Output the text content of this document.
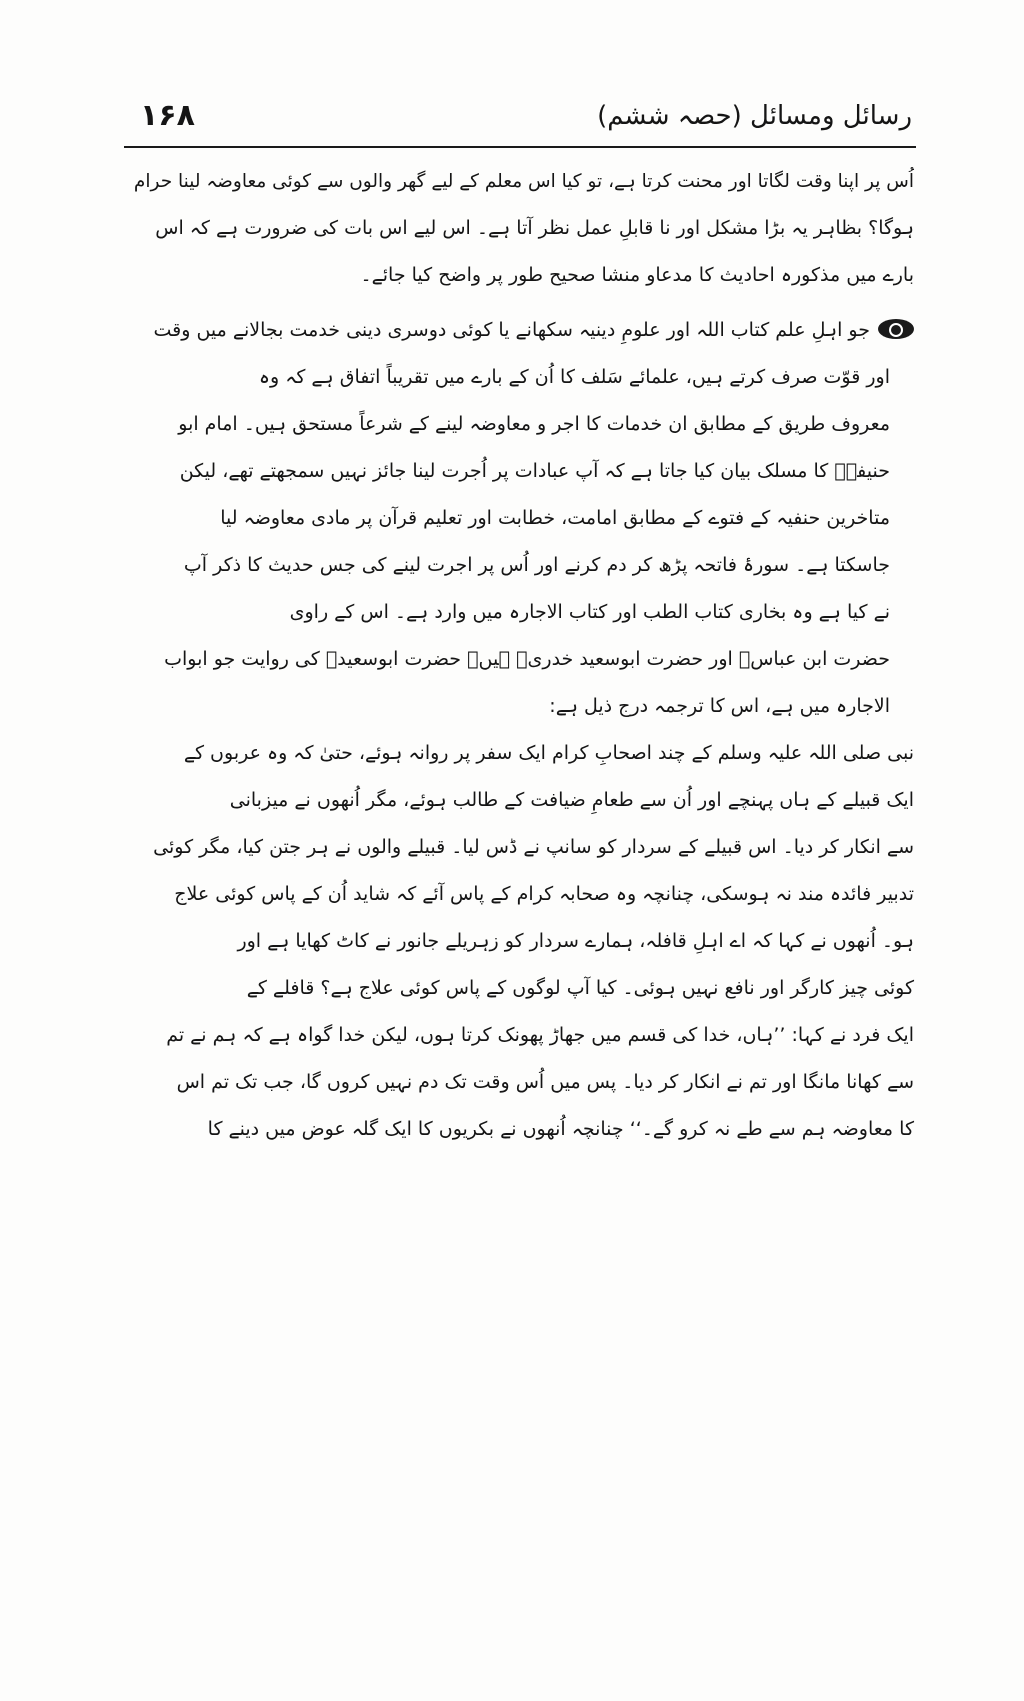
رسائل ومسائل (حصہ ششم)
۱۶۸
اُس پر اپنا وقت لگاتا اور محنت کرتا ہے، تو کیا اس معلم کے لیے گھر والوں سے کوئی معاوضہ لینا حرام
ہوگا؟ بظاہر یہ بڑا مشکل اور نا قابلِ عمل نظر آتا ہے۔ اس لیے اس بات کی ضرورت ہے کہ اس
بارے میں مذکورہ احادیث کا مدعاو منشا صحیح طور پر واضح کیا جائے۔
جو اہلِ علم کتاب اللہ اور علومِ دینیہ سکھانے یا کوئی دوسری دینی خدمت بجالانے میں وقت
اور قوّت صرف کرتے ہیں، علمائے سَلف کا اُن کے بارے میں تقریباً اتفاق ہے کہ وہ
معروف طریق کے مطابق ان خدمات کا اجر و معاوضہ لینے کے شرعاً مستحق ہیں۔ امام ابو
حنیفہؒ کا مسلک بیان کیا جاتا ہے کہ آپ عبادات پر اُجرت لینا جائز نہیں سمجھتے تھے، لیکن
متاخرین حنفیہ کے فتوے کے مطابق امامت، خطابت اور تعلیم قرآن پر مادی معاوضہ لیا
جاسکتا ہے۔ سورۂ فاتحہ پڑھ کر دم کرنے اور اُس پر اجرت لینے کی جس حدیث کا ذکر آپ
نے کیا ہے وہ بخاری کتاب الطب اور کتاب الاجارہ میں وارد ہے۔ اس کے راوی
حضرت ابن عباسؓ اور حضرت ابوسعید خدریؓ ہیں۔ حضرت ابوسعیدؓ کی روایت جو ابواب
الاجارہ میں ہے، اس کا ترجمہ درج ذیل ہے:
نبی صلی اللہ علیہ وسلم کے چند اصحابِ کرام ایک سفر پر روانہ ہوئے، حتیٰ کہ وہ عربوں کے
ایک قبیلے کے ہاں پہنچے اور اُن سے طعامِ ضیافت کے طالب ہوئے، مگر اُنھوں نے میزبانی
سے انکار کر دیا۔ اس قبیلے کے سردار کو سانپ نے ڈس لیا۔ قبیلے والوں نے ہر جتن کیا، مگر کوئی
تدبیر فائدہ مند نہ ہوسکی، چنانچہ وہ صحابہ کرام کے پاس آئے کہ شاید اُن کے پاس کوئی علاج
ہو۔ اُنھوں نے کہا کہ اے اہلِ قافلہ، ہمارے سردار کو زہریلے جانور نے کاٹ کھایا ہے اور
کوئی چیز کارگر اور نافع نہیں ہوئی۔ کیا آپ لوگوں کے پاس کوئی علاج ہے؟ قافلے کے
ایک فرد نے کہا: ’’ہاں، خدا کی قسم میں جھاڑ پھونک کرتا ہوں، لیکن خدا گواہ ہے کہ ہم نے تم
سے کھانا مانگا اور تم نے انکار کر دیا۔ پس میں اُس وقت تک دم نہیں کروں گا، جب تک تم اس
کا معاوضہ ہم سے طے نہ کرو گے۔‘‘ چنانچہ اُنھوں نے بکریوں کا ایک گلہ عوض میں دینے کا
